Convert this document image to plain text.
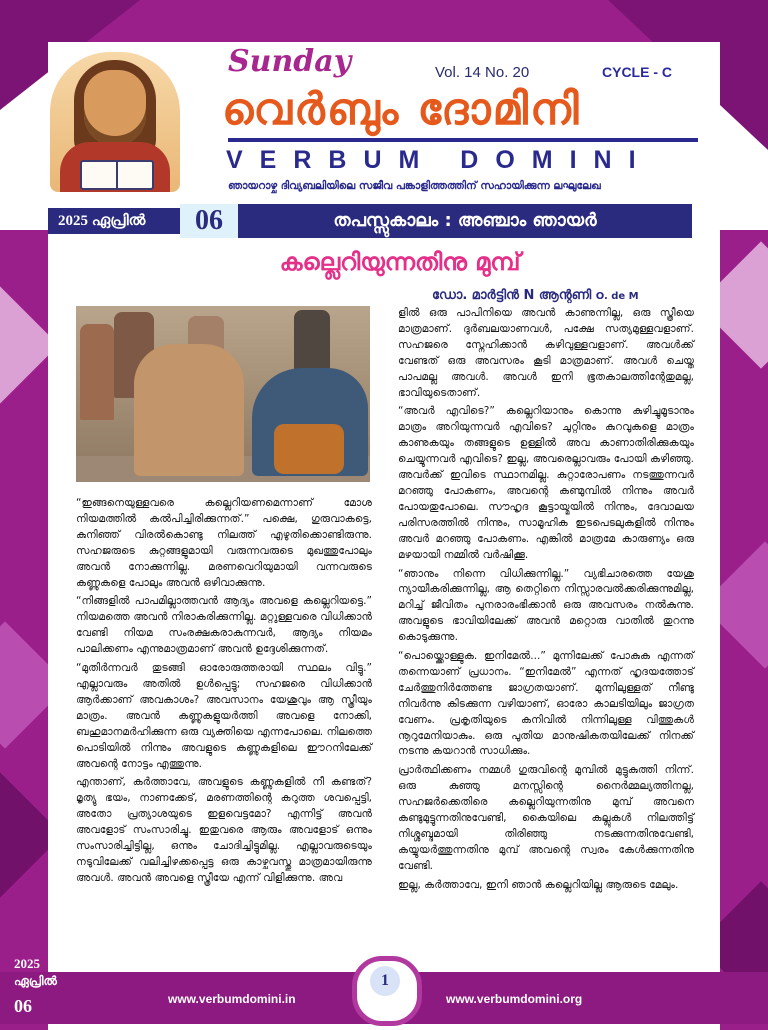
Sunday	Vol. 14 No. 20	CYCLE - C
വെർബും ദോമിനി
VERBUM DOMINI
ഞായറാഴ്ച ദിവ്യബലിയിലെ സജീവ പങ്കാളിത്തത്തിന് സഹായിക്കുന്ന ലഘുലേഖ
2025 ഏപ്രിൽ	06	തപസ്സുകാലം : അഞ്ചാം ഞായർ
കല്ലെറിയുന്നതിനു മുമ്പ്
ഡോ. മാർട്ടിൻ N ആന്റണി O. de M

“ഇങ്ങനെയുള്ളവരെ കല്ലെറിയണമെന്നാണ് മോശ നിയമത്തിൽ കൽപിച്ചിരിക്കുന്നത്.” പക്ഷെ, ഗുരുവാകട്ടെ, കുനിഞ്ഞ് വിരൽകൊണ്ടു നിലത്ത് എഴുതിക്കൊണ്ടിരുന്നു. സഹജരുടെ കുറ്റങ്ങളുമായി വരുന്നവരുടെ മുഖത്തുപോലും അവൻ നോക്കുന്നില്ല. മരണവെറിയുമായി വന്നവരുടെ കണ്ണുകളെ പോലും അവൻ ഒഴിവാക്കുന്നു.

“നിങ്ങളിൽ പാപമില്ലാത്തവൻ ആദ്യം അവളെ കല്ലെറിയട്ടെ.” നിയമത്തെ അവൻ നിരാകരിക്കുന്നില്ല. മറ്റുള്ളവരെ വിധിക്കാൻ വേണ്ടി നിയമ സംരക്ഷകരാകുന്നവർ, ആദ്യം നിയമം പാലിക്കണം എന്നുമാത്രമാണ് അവൻ ഉദ്ദേശിക്കുന്നത്.

“മുതിർന്നവർ തുടങ്ങി ഓരോരുത്തരായി സ്ഥലം വിട്ടു.” എല്ലാവരും അതിൽ ഉൾപ്പെട്ടു; സഹജരെ വിധിക്കാൻ ആർക്കാണ് അവകാശം? അവസാനം യേശുവും ആ സ്ത്രീയും മാത്രം. അവൻ കണ്ണുകളുയർത്തി അവളെ നോക്കി, ബഹുമാനമർഹിക്കുന്ന ഒരു വ്യക്തിയെ എന്നപോലെ. നിലത്തെ പൊടിയിൽ നിന്നും അവളുടെ കണ്ണുകളിലെ ഈറനിലേക്ക് അവന്റെ നോട്ടം എത്തുന്നു.

എന്താണ്, കർത്താവേ, അവളുടെ കണ്ണുകളിൽ നീ കണ്ടത്? മൃത്യു ഭയം, നാണക്കേട്, മരണത്തിന്റെ കറുത്ത ശവപ്പെട്ടി, അതോ പ്രത്യാശയുടെ ഇളവെട്ടമോ? എന്നിട്ട് അവൻ അവളോട് സംസാരിച്ചു. ഇതുവരെ ആരും അവളോട് ഒന്നും സംസാരിച്ചിട്ടില്ല, ഒന്നും ചോദിച്ചിട്ടുമില്ല. എല്ലാവരുടെയും നടുവിലേക്ക് വലിച്ചിഴക്കപ്പെട്ട ഒരു കാഴ്ചവസ്തു മാത്രമായിരുന്നു അവൾ. അവൻ അവളെ സ്ത്രീയേ എന്ന് വിളിക്കുന്നു. അവ

ളിൽ ഒരു പാപിനിയെ അവൻ കാണുന്നില്ല, ഒരു സ്ത്രീയെ മാത്രമാണ്. ദുർബലയാണവൾ, പക്ഷേ സത്യമുള്ളവളാണ്. സഹജരെ സ്നേഹിക്കാൻ കഴിവുള്ളവളാണ്. അവൾക്ക് വേണ്ടത് ഒരു അവസരം കൂടി മാത്രമാണ്. അവൾ ചെയ്ത പാപമല്ല അവൾ. അവൾ ഇനി ഭൂതകാലത്തിന്റേതുമല്ല, ഭാവിയുടെതാണ്.

“അവർ എവിടെ?” കല്ലെറിയാനും കൊന്നു കുഴിച്ചുമൂടാനും മാത്രം അറിയുന്നവർ എവിടെ? ചുറ്റിനും കുറവുകളെ മാത്രം കാണുകയും തങ്ങളുടെ ഉള്ളിൽ അവ കാണാതിരിക്കുകയും ചെയ്യുന്നവർ എവിടെ? ഇല്ല, അവരെല്ലാവരും പോയി കഴിഞ്ഞു. അവർക്ക് ഇവിടെ സ്ഥാനമില്ല. കുറ്റാരോപണം നടത്തുന്നവർ മറഞ്ഞു പോകണം, അവന്റെ കണ്മുമ്പിൽ നിന്നും അവർ പോയതുപോലെ. സൗഹൃദ കൂട്ടായ്മയിൽ നിന്നും, ദേവാലയ പരിസരത്തിൽ നിന്നും, സാമൂഹിക ഇടപെടലുകളിൽ നിന്നും അവർ മറഞ്ഞു പോകണം. എങ്കിൽ മാത്രമേ കാരുണ്യം ഒരു മഴയായി നമ്മിൽ വർഷിക്കൂ.

“ഞാനും നിന്നെ വിധിക്കുന്നില്ല.” വ്യഭിചാരത്തെ യേശു ന്യായീകരിക്കുന്നില്ല, ആ തെറ്റിനെ നിസ്സാരവൽക്കരിക്കുന്നുമില്ല, മറിച്ച് ജീവിതം പുനരാരംഭിക്കാൻ ഒരു അവസരം നൽകുന്നു. അവളുടെ ഭാവിയിലേക്ക് അവൻ മറ്റൊരു വാതിൽ തുറന്നു കൊടുക്കുന്നു.

“പൊയ്ക്കൊള്ളുക. ഇനിമേൽ...” മുന്നിലേക്ക് പോകുക എന്നത് തന്നെയാണ് പ്രധാനം. “ഇനിമേൽ” എന്നത് ഹൃദയത്തോട് ചേർത്തുനിർത്തേണ്ട ജാഗ്രതയാണ്. മുന്നിലുള്ളത് നീണ്ടു നിവർന്നു കിടക്കുന്ന വഴിയാണ്, ഓരോ കാലടിയിലും ജാഗ്രത വേണം. പ്രകൃതിയുടെ കനിവിൽ നിന്നിലുള്ള വിത്തുകൾ നൂറുമേനിയാകും. ഒരു പുതിയ മാനുഷികതയിലേക്ക് നിനക്ക് നടന്നു കയറാൻ സാധിക്കും.

പ്രാർത്ഥിക്കണം നമ്മൾ ഗുരുവിന്റെ മുമ്പിൽ മുട്ടുകുത്തി നിന്ന്. ഒരു കുഞ്ഞു മനസ്സിന്റെ നൈർമ്മല്യത്തിനല്ല, സഹജർക്കെതിരെ കല്ലെറിയുന്നതിനു മുമ്പ് അവനെ കണ്ടുമുട്ടുന്നതിനുവേണ്ടി, കൈയിലെ കല്ലുകൾ നിലത്തിട്ട് നിശ്ശബ്ദമായി തിരിഞ്ഞു നടക്കുന്നതിനുവേണ്ടി, കയ്യുയർത്തുന്നതിനു മുമ്പ് അവന്റെ സ്വരം കേൾക്കുന്നതിനു വേണ്ടി.

ഇല്ല, കർത്താവേ, ഇനി ഞാൻ കല്ലെറിയില്ല ആരുടെ മേലും.

2025
ഏപ്രിൽ
06	www.verbumdomini.in
1
www.verbumdomini.org
